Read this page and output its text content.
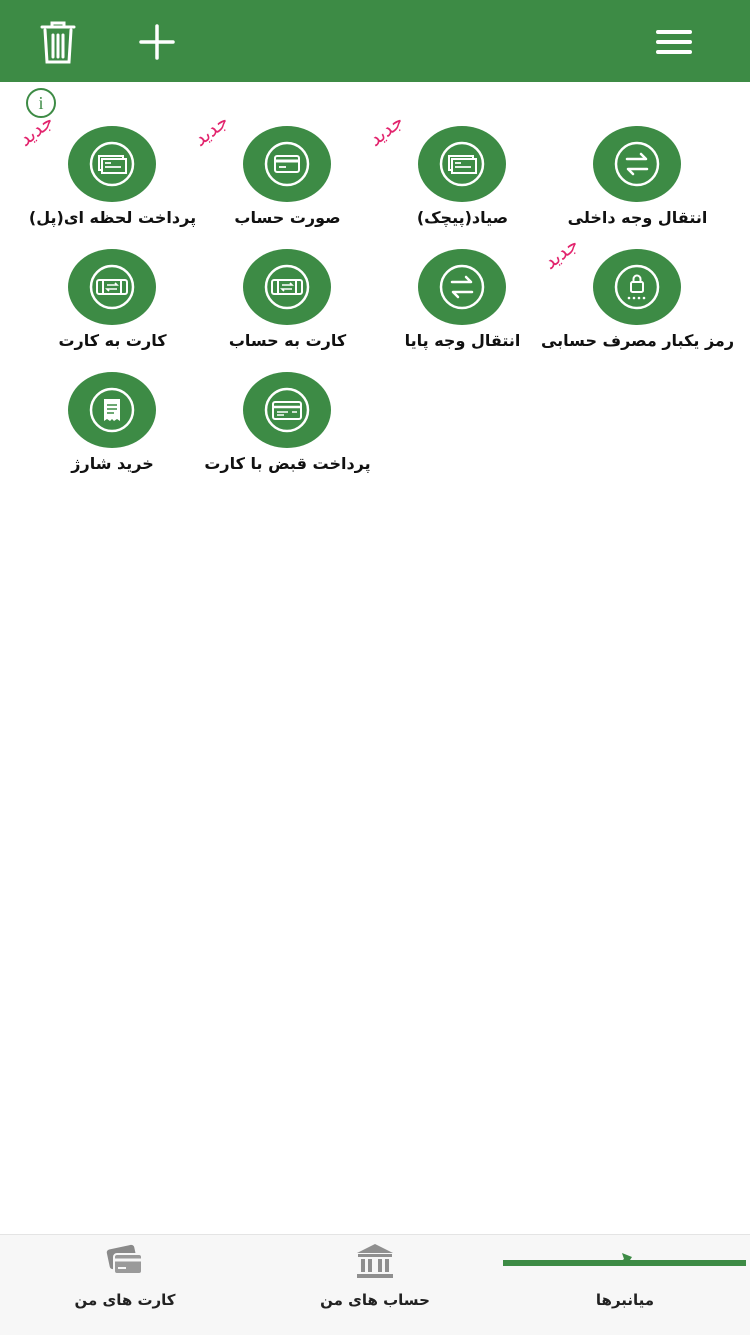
i
انتقال وجه داخلی
جدید
صیاد(پیچک)
جدید
صورت حساب
جدید
پرداخت لحظه ای(پل)
جدید
رمز یکبار مصرف حسابی
انتقال وجه پایا
کارت به حساب
کارت به کارت
پرداخت قبض با کارت
خرید شارژ
کارت های من	حساب های من	میانبرها
